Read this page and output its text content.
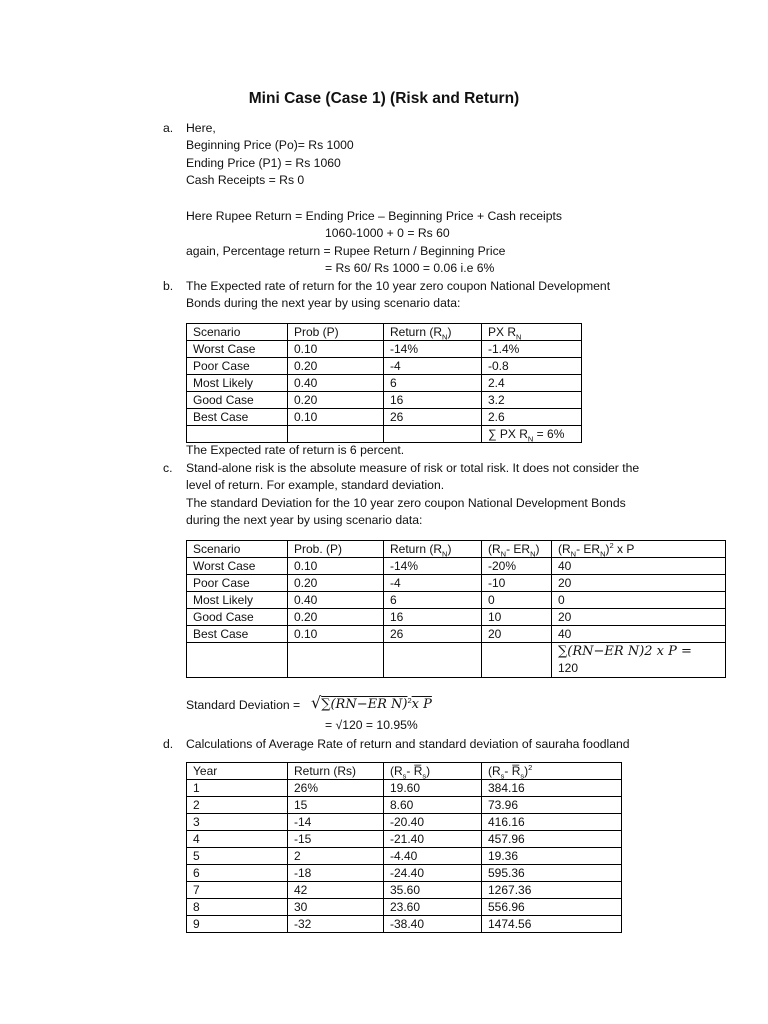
Mini Case (Case 1) (Risk and Return)
a. Here,
Beginning Price (Po)= Rs 1000
Ending Price (P1) = Rs 1060
Cash Receipts = Rs 0
Here Rupee Return = Ending Price – Beginning Price + Cash receipts
1060-1000 + 0 = Rs 60
again, Percentage return = Rupee Return / Beginning Price
= Rs 60/ Rs 1000 = 0.06 i.e 6%
b. The Expected rate of return for the 10 year zero coupon National Development
Bonds during the next year by using scenario data:
Scenario	Prob (P)	Return $(R_N)$	PX $R_N$
Worst Case	0.10	-14%	-1.4%
Poor Case	0.20	-4	-0.8
Most Likely	0.40	6	2.4
Good Case	0.20	16	3.2
Best Case	0.10	26	2.6
			∑ PX $R_N = 6\%$
The Expected rate of return is 6 percent.
c. Stand-alone risk is the absolute measure of risk or total risk. It does not consider the
level of return. For example, standard deviation.
The standard Deviation for the 10 year zero coupon National Development Bonds
during the next year by using scenario data:
Scenario	Prob. (P)	Return $(R_N)$	($R_N-$ $ER_N$)	($R_N-$ $ER_N)^2$ x P
Worst Case	0.10	-14%	-20%	40
Poor Case	0.20	-4	-10	20
Most Likely	0.40	6	0	0
Good Case	0.20	16	10	20
Best Case	0.10	26	20	40

				∑(RN−ER N)2 x P =
120
Standard Deviation = √∑(RN−ER N)$^2$x P
= √120 = 10.95%
d. Calculations of Average Rate of return and standard deviation of sauraha foodland
Year	Return (Rs)	($R_s-$ $R̅_s$)	($R_s-$ $R̅_s)^2$
1	26%	19.60	384.16
2	15	8.60	73.96
3	-14	-20.40	416.16
4	-15	-21.40	457.96
5	2	-4.40	19.36
6	-18	-24.40	595.36
7	42	35.60	1267.36
8	30	23.60	556.96
9	-32	-38.40	1474.56
